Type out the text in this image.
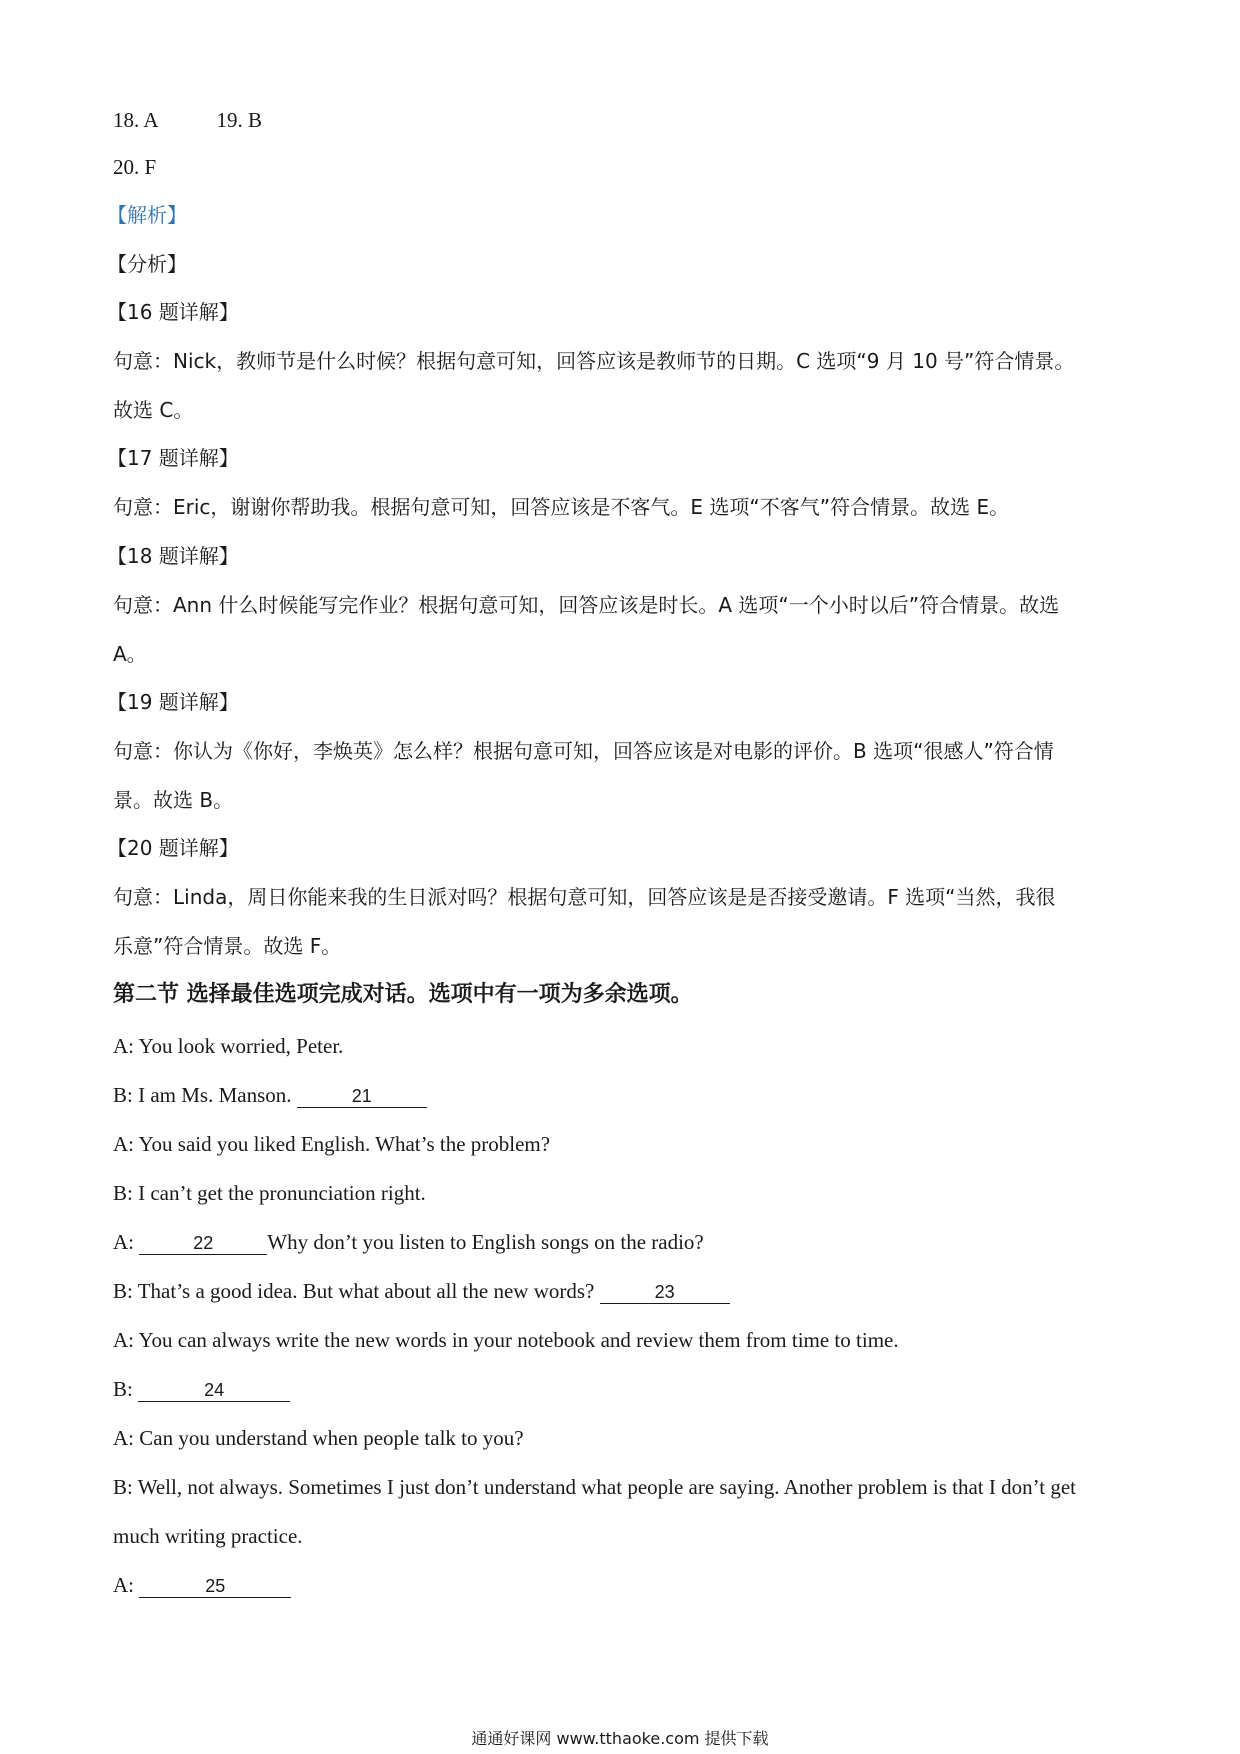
18. A	19. B
20. F
【解析】
【分析】
【16 题详解】
句意：Nick，教师节是什么时候？根据句意可知，回答应该是教师节的日期。C 选项“9 月 10 号”符合情景。
故选 C。
【17 题详解】
句意：Eric，谢谢你帮助我。根据句意可知，回答应该是不客气。E 选项“不客气”符合情景。故选 E。
【18 题详解】
句意：Ann 什么时候能写完作业？根据句意可知，回答应该是时长。A 选项“一个小时以后”符合情景。故选
A。
【19 题详解】
句意：你认为《你好，李焕英》怎么样？根据句意可知，回答应该是对电影的评价。B 选项“很感人”符合情
景。故选 B。
【20 题详解】
句意：Linda，周日你能来我的生日派对吗？根据句意可知，回答应该是是否接受邀请。F 选项“当然，我很
乐意”符合情景。故选 F。
第二节 选择最佳选项完成对话。选项中有一项为多余选项。
A: You look worried, Peter.
B: I am Ms. Manson.	21
A: You said you liked English. What’s the problem?
B: I can’t get the pronunciation right.
A:	22	Why don’t you listen to English songs on the radio?
B: That’s a good idea. But what about all the new words?	23
A: You can always write the new words in your notebook and review them from time to time.
B:	24
A: Can you understand when people talk to you?
B: Well, not always. Sometimes I just don’t understand what people are saying. Another problem is that I don’t get
much writing practice.
A:	25
通通好课网 www.tthaoke.com 提供下载
